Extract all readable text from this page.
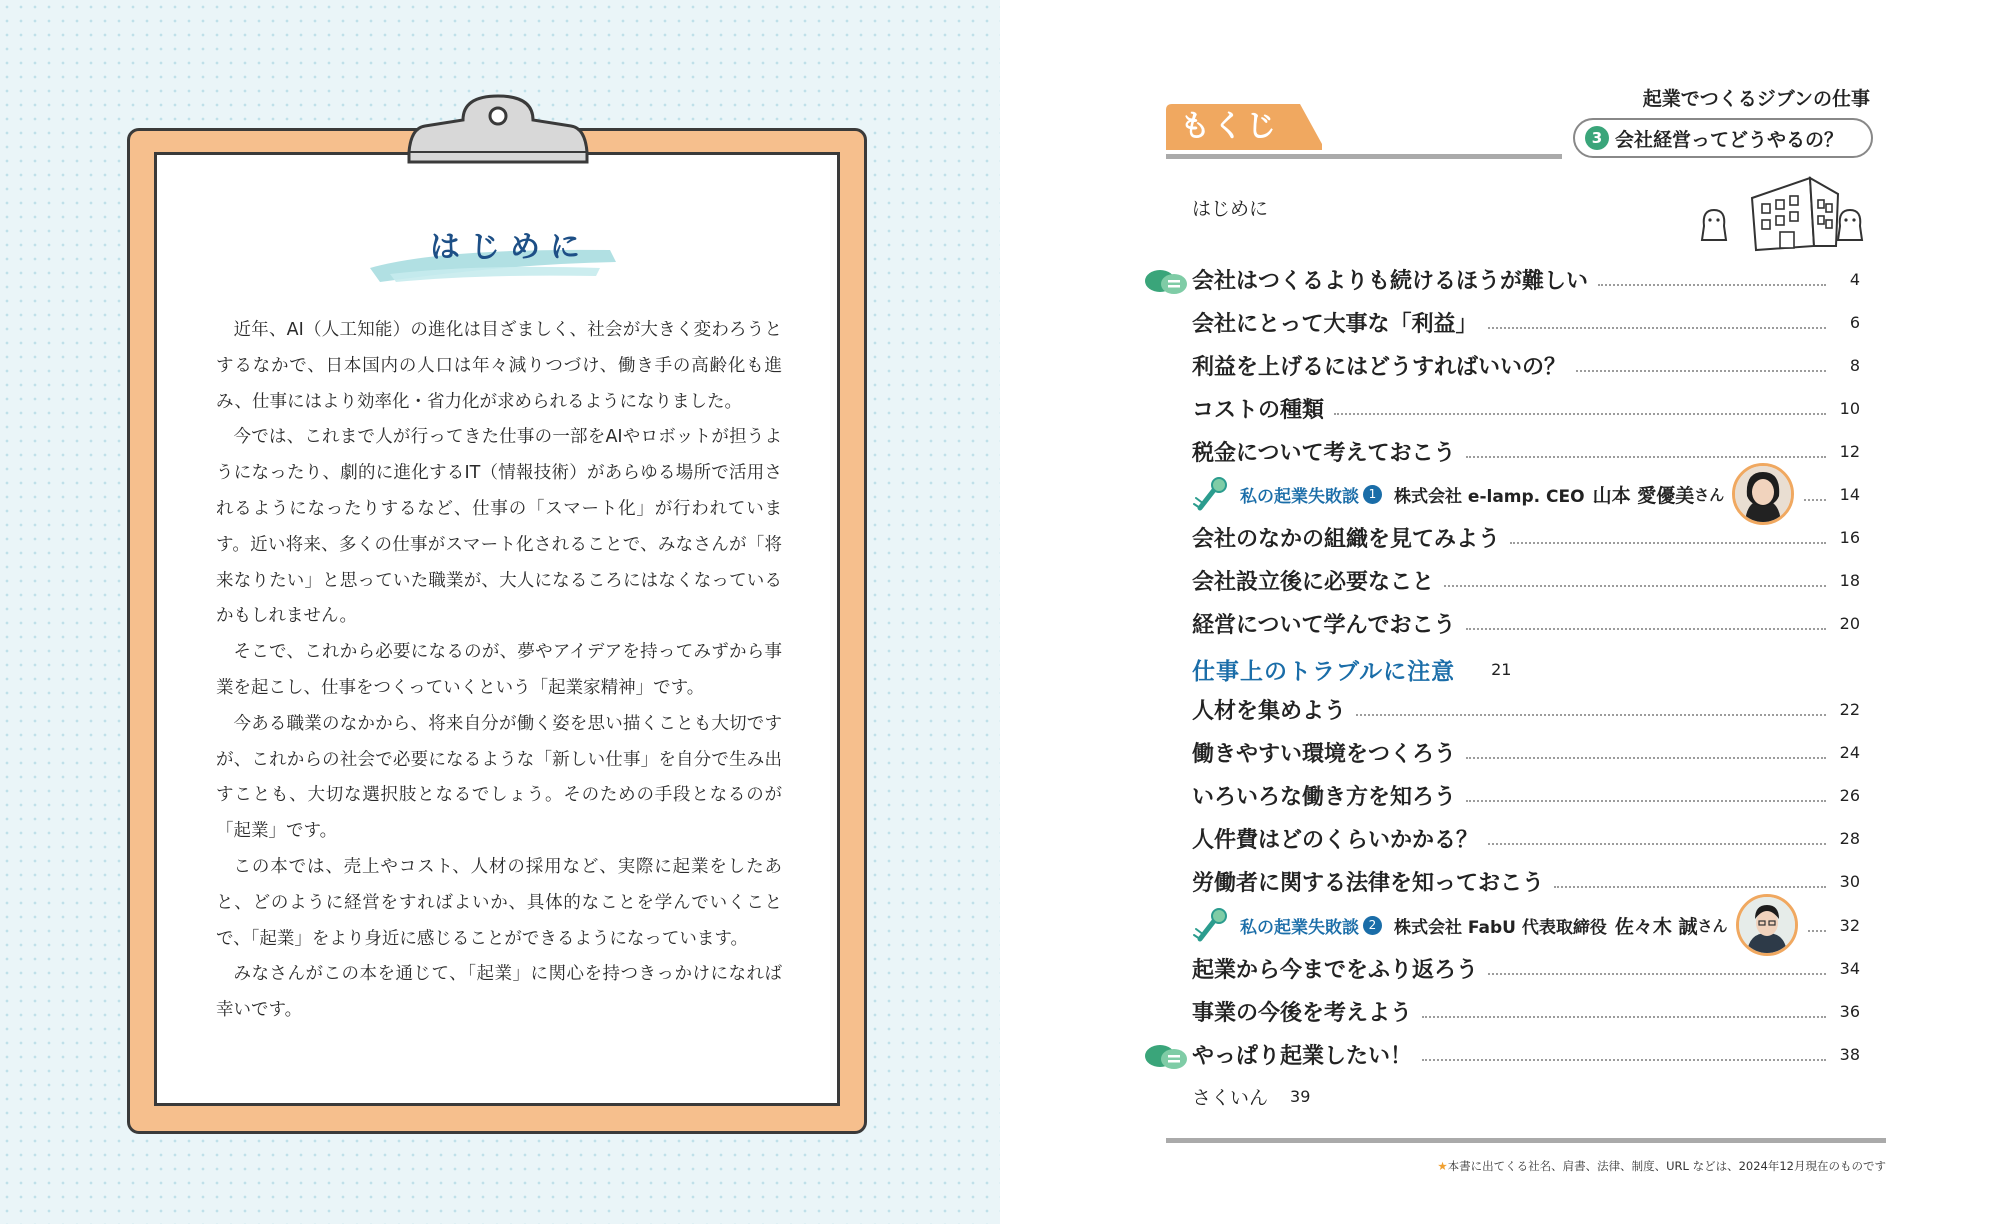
はじめに

近年、AI（人工知能）の進化は目ざましく、社会が大きく変わろうとするなかで、日本国内の人口は年々減りつづけ、働き手の高齢化も進み、仕事にはより効率化・省力化が求められるようになりました。

今では、これまで人が行ってきた仕事の一部をAIやロボットが担うようになったり、劇的に進化するIT（情報技術）があらゆる場所で活用されるようになったりするなど、仕事の「スマート化」が行われています。近い将来、多くの仕事がスマート化されることで、みなさんが「将来なりたい」と思っていた職業が、大人になるころにはなくなっているかもしれません。

そこで、これから必要になるのが、夢やアイデアを持ってみずから事業を起こし、仕事をつくっていくという「起業家精神」です。

今ある職業のなかから、将来自分が働く姿を思い描くことも大切ですが、これからの社会で必要になるような「新しい仕事」を自分で生み出すことも、大切な選択肢となるでしょう。そのための手段となるのが「起業」です。

この本では、売上やコスト、人材の採用など、実際に起業をしたあと、どのように経営をすればよいか、具体的なことを学んでいくことで、「起業」をより身近に感じることができるようになっています。

みなさんがこの本を通じて、「起業」に関心を持つきっかけになれば幸いです。

もくじ
起業でつくるジブンの仕事
3 会社経営ってどうやるの？
はじめに
会社はつくるよりも続けるほうが難しい	4
会社にとって大事な「利益」	6
利益を上げるにはどうすればいいの？	8
コストの種類	10
税金について考えておこう	12
私の起業失敗談 1	株式会社 e-lamp. CEO 山本 愛優美 さん	14
会社のなかの組織を見てみよう	16
会社設立後に必要なこと	18
経営について学んでおこう	20
仕事上のトラブルに注意 21
人材を集めよう	22
働きやすい環境をつくろう	24
いろいろな働き方を知ろう	26
人件費はどのくらいかかる？	28
労働者に関する法律を知っておこう	30
私の起業失敗談 2	株式会社 FabU 代表取締役 佐々木 誠 さん	32
起業から今までをふり返ろう	34
事業の今後を考えよう	36
やっぱり起業したい！	38
さくいん 39
★本書に出てくる社名、肩書、法律、制度、URL などは、2024年12月現在のものです
